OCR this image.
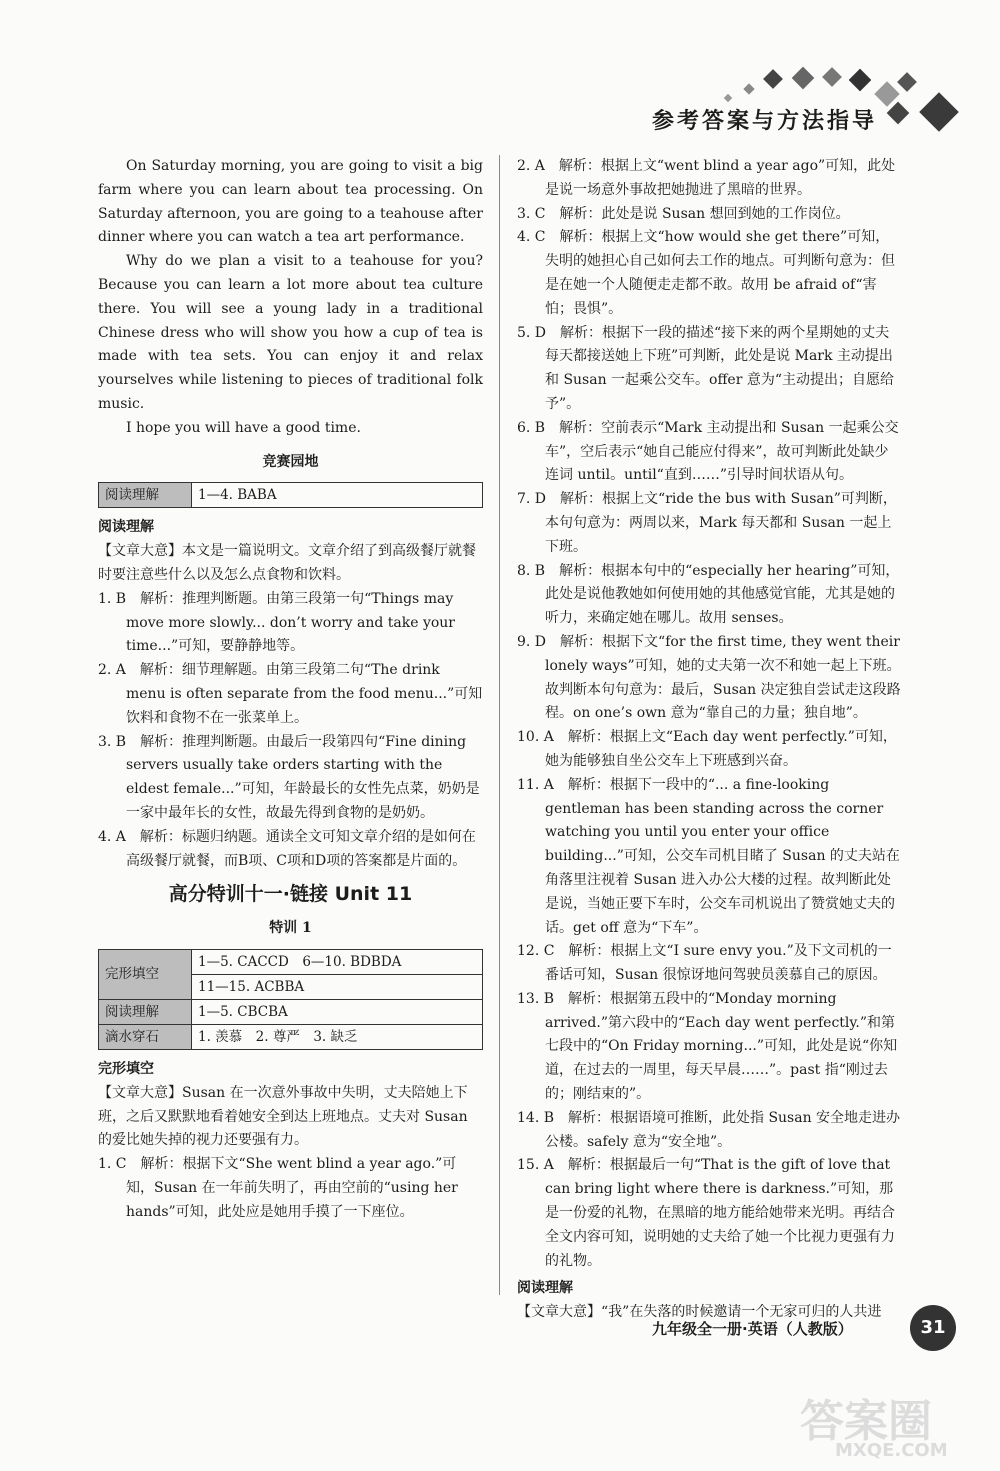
参考答案与方法指导

On Saturday morning, you are going to visit a big farm where you can learn about tea processing. On Saturday afternoon, you are going to a teahouse after dinner where you can watch a tea art performance.

Why do we plan a visit to a teahouse for you? Because you can learn a lot more about tea culture there. You will see a young lady in a traditional Chinese dress who will show you how a cup of tea is made with tea sets. You can enjoy it and relax yourselves while listening to pieces of traditional folk music.

I hope you will have a good time.

竞赛园地
阅读理解	1—4. BABA
阅读理解

【文章大意】本文是一篇说明文。文章介绍了到高级餐厅就餐时要注意些什么以及怎么点食物和饮料。

1. B　解析：推理判断题。由第三段第一句“Things may move more slowly... don’t worry and take your time...”可知，要静静地等。

2. A　解析：细节理解题。由第三段第二句“The drink menu is often separate from the food menu...”可知饮料和食物不在一张菜单上。

3. B　解析：推理判断题。由最后一段第四句“Fine dining servers usually take orders starting with the eldest female...”可知，年龄最长的女性先点菜，奶奶是一家中最年长的女性，故最先得到食物的是奶奶。

4. A　解析：标题归纳题。通读全文可知文章介绍的是如何在高级餐厅就餐，而B项、C项和D项的答案都是片面的。

高分特训十一·链接 Unit 11
特训 1
完形填空	1—5. CACCD　6—10. BDBDA
	11—15. ACBBA
阅读理解	1—5. CBCBA
滴水穿石	1. 羡慕　2. 尊严　3. 缺乏
完形填空

【文章大意】Susan 在一次意外事故中失明，丈夫陪她上下班，之后又默默地看着她安全到达上班地点。丈夫对 Susan 的爱比她失掉的视力还要强有力。

1. C　解析：根据下文“She went blind a year ago.”可知，Susan 在一年前失明了，再由空前的“using her hands”可知，此处应是她用手摸了一下座位。

2. A　解析：根据上文“went blind a year ago”可知，此处是说一场意外事故把她抛进了黑暗的世界。

3. C　解析：此处是说 Susan 想回到她的工作岗位。

4. C　解析：根据上文“how would she get there”可知，失明的她担心自己如何去工作的地点。可判断句意为：但是在她一个人随便走走都不敢。故用 be afraid of“害怕；畏惧”。

5. D　解析：根据下一段的描述“接下来的两个星期她的丈夫每天都接送她上下班”可判断，此处是说 Mark 主动提出和 Susan 一起乘公交车。offer 意为“主动提出；自愿给予”。

6. B　解析：空前表示“Mark 主动提出和 Susan 一起乘公交车”，空后表示“她自己能应付得来”，故可判断此处缺少连词 until。until“直到……”引导时间状语从句。

7. D　解析：根据上文“ride the bus with Susan”可判断，本句句意为：两周以来，Mark 每天都和 Susan 一起上下班。

8. B　解析：根据本句中的“especially her hearing”可知，此处是说他教她如何使用她的其他感觉官能，尤其是她的听力，来确定她在哪儿。故用 senses。

9. D　解析：根据下文“for the first time, they went their lonely ways”可知，她的丈夫第一次不和她一起上下班。故判断本句句意为：最后，Susan 决定独自尝试走这段路程。on one’s own 意为“靠自己的力量；独自地”。

10. A　解析：根据上文“Each day went perfectly.”可知，她为能够独自坐公交车上下班感到兴奋。

11. A　解析：根据下一段中的“... a fine-looking gentleman has been standing across the corner watching you until you enter your office building...”可知，公交车司机目睹了 Susan 的丈夫站在角落里注视着 Susan 进入办公大楼的过程。故判断此处是说，当她正要下车时，公交车司机说出了赞赏她丈夫的话。get off 意为“下车”。

12. C　解析：根据上文“I sure envy you.”及下文司机的一番话可知，Susan 很惊讶地问驾驶员羡慕自己的原因。

13. B　解析：根据第五段中的“Monday morning arrived.”第六段中的“Each day went perfectly.”和第七段中的“On Friday morning...”可知，此处是说“你知道，在过去的一周里，每天早晨……”。past 指“刚过去的；刚结束的”。

14. B　解析：根据语境可推断，此处指 Susan 安全地走进办公楼。safely 意为“安全地”。

15. A　解析：根据最后一句“That is the gift of love that can bring light where there is darkness.”可知，那是一份爱的礼物，在黑暗的地方能给她带来光明。再结合全文内容可知，说明她的丈夫给了她一个比视力更强有力的礼物。

阅读理解

【文章大意】“我”在失落的时候邀请一个无家可归的人共进

九年级全一册·英语（人教版）	31
答案圈
MXQE.COM
